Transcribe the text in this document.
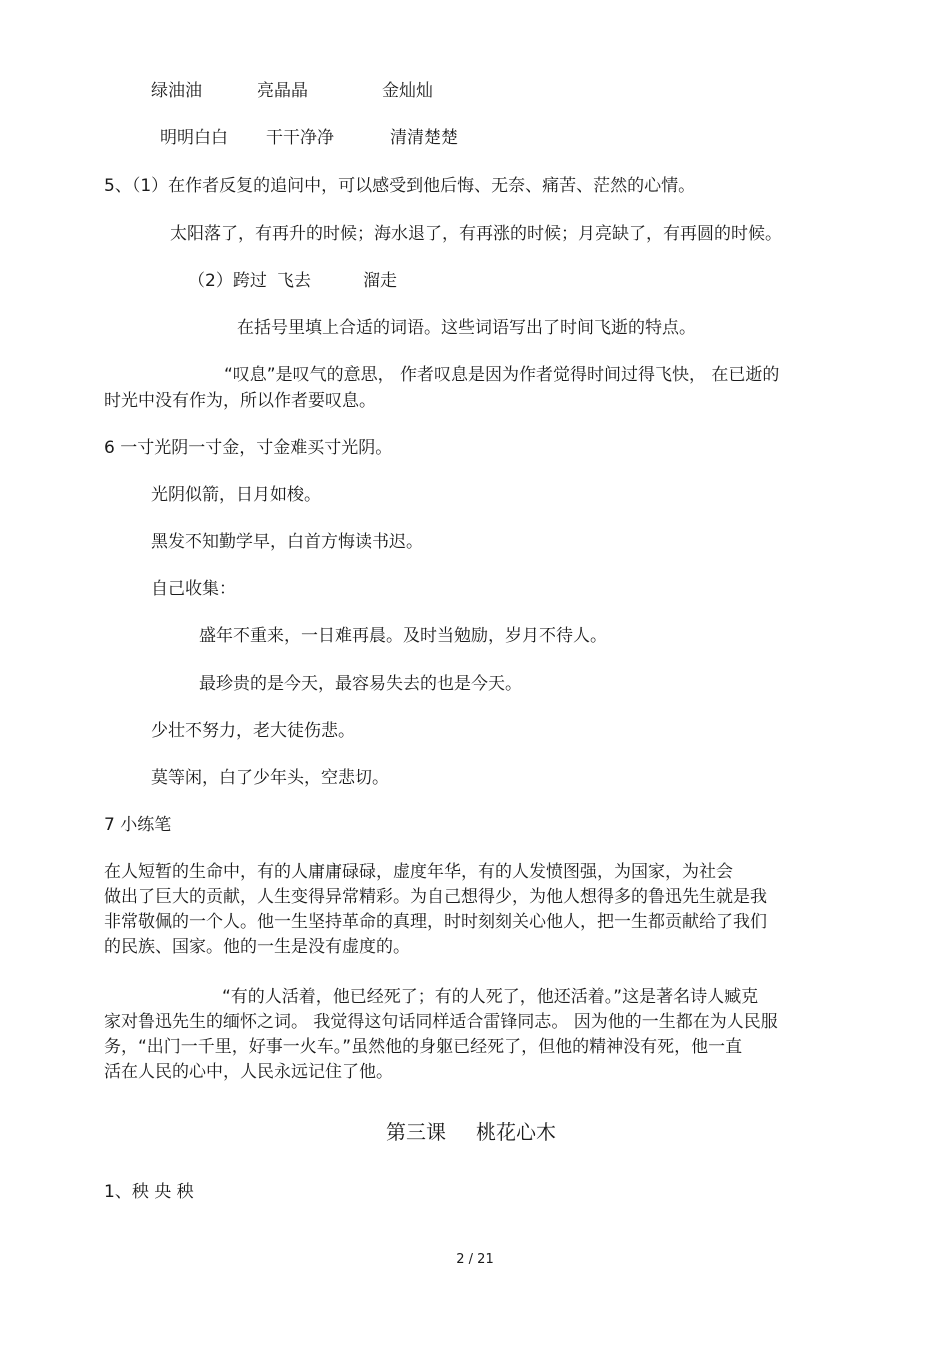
绿油油	亮晶晶	金灿灿
明明白白 干干净净	清清楚楚
5、（1）在作者反复的追问中，可以感受到他后悔、无奈、痛苦、茫然的心情。
太阳落了，有再升的时候；海水退了，有再涨的时候；月亮缺了，有再圆的时候。
（2）跨过 飞去	溜走
在括号里填上合适的词语。这些词语写出了时间飞逝的特点。
“叹息”是叹气的意思， 作者叹息是因为作者觉得时间过得飞快， 在已逝的
时光中没有作为，所以作者要叹息。
6 一寸光阴一寸金，寸金难买寸光阴。
光阴似箭，日月如梭。
黑发不知勤学早，白首方悔读书迟。
自己收集：
盛年不重来，一日难再晨。及时当勉励，岁月不待人。
最珍贵的是今天，最容易失去的也是今天。
少壮不努力，老大徒伤悲。
莫等闲，白了少年头，空悲切。
7 小练笔
在人短暂的生命中，有的人庸庸碌碌，虚度年华，有的人发愤图强，为国家，为社会
做出了巨大的贡献，人生变得异常精彩。为自己想得少，为他人想得多的鲁迅先生就是我
非常敬佩的一个人。他一生坚持革命的真理，时时刻刻关心他人，把一生都贡献给了我们
的民族、国家。他的一生是没有虚度的。
“有的人活着，他已经死了；有的人死了，他还活着。”这是著名诗人臧克
家对鲁迅先生的缅怀之词。 我觉得这句话同样适合雷锋同志。 因为他的一生都在为人民服
务，“出门一千里，好事一火车。”虽然他的身躯已经死了，但他的精神没有死，他一直
活在人民的心中，人民永远记住了他。
第三课 桃花心木
1、秧 央 秧
2 / 21
